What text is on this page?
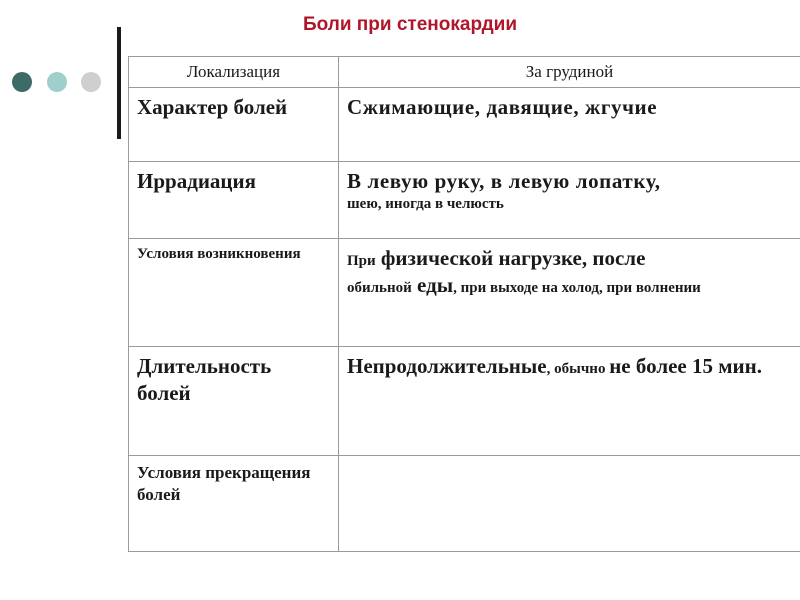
Боли при стенокардии
Локализация	За грудиной
Характер болей	Сжимающие, давящие, жгучие
Иррадиация	В левую руку, в левую лопатку,
шею, иногда в челюсть

Условия возникновения	При физической нагрузке, после
обильной еды, при выходе на холод, при волнении
Длительность болей	Непродолжительные, обычно не более 15 мин.
Условия прекращения болей	
